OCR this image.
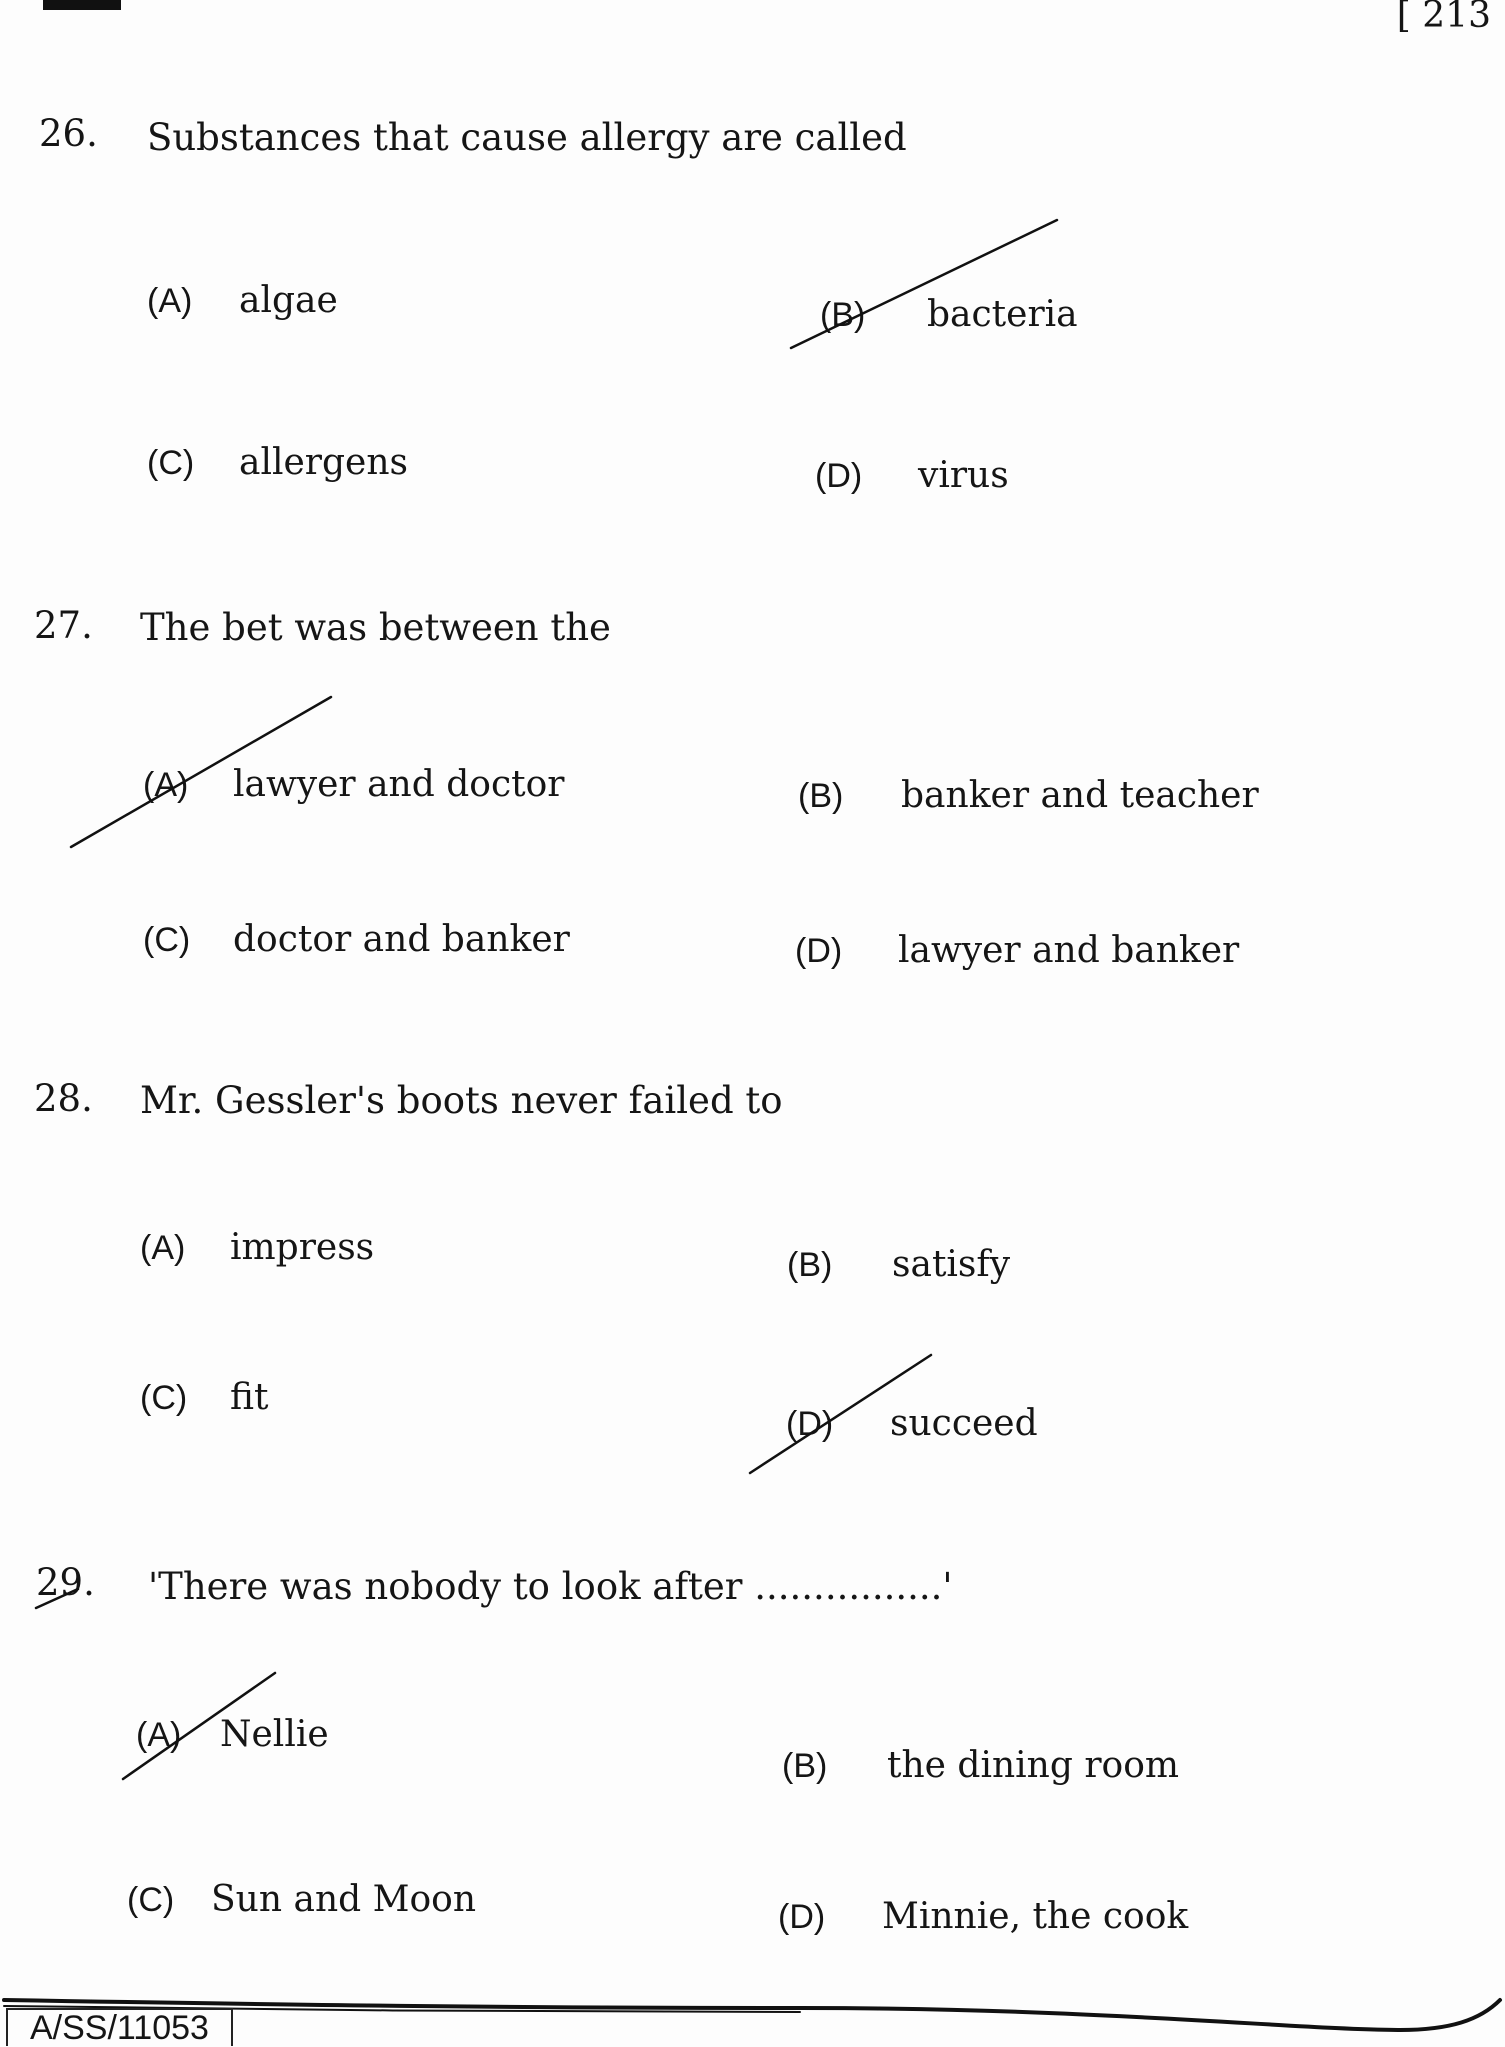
[ 213
26. Substances that cause allergy are called
(A) algae	(B) bacteria
(C) allergens	(D) virus
27. The bet was between the
(A) lawyer and doctor	(B) banker and teacher
(C) doctor and banker	(D) lawyer and banker
28. Mr. Gessler's boots never failed to
(A) impress	(B) satisfy
(C) fit
(D) succeed
29. 'There was nobody to look after ................'
(A) Nellie
(B) the dining room
(C) Sun and Moon	(D) Minnie, the cook
A/SS/11053
